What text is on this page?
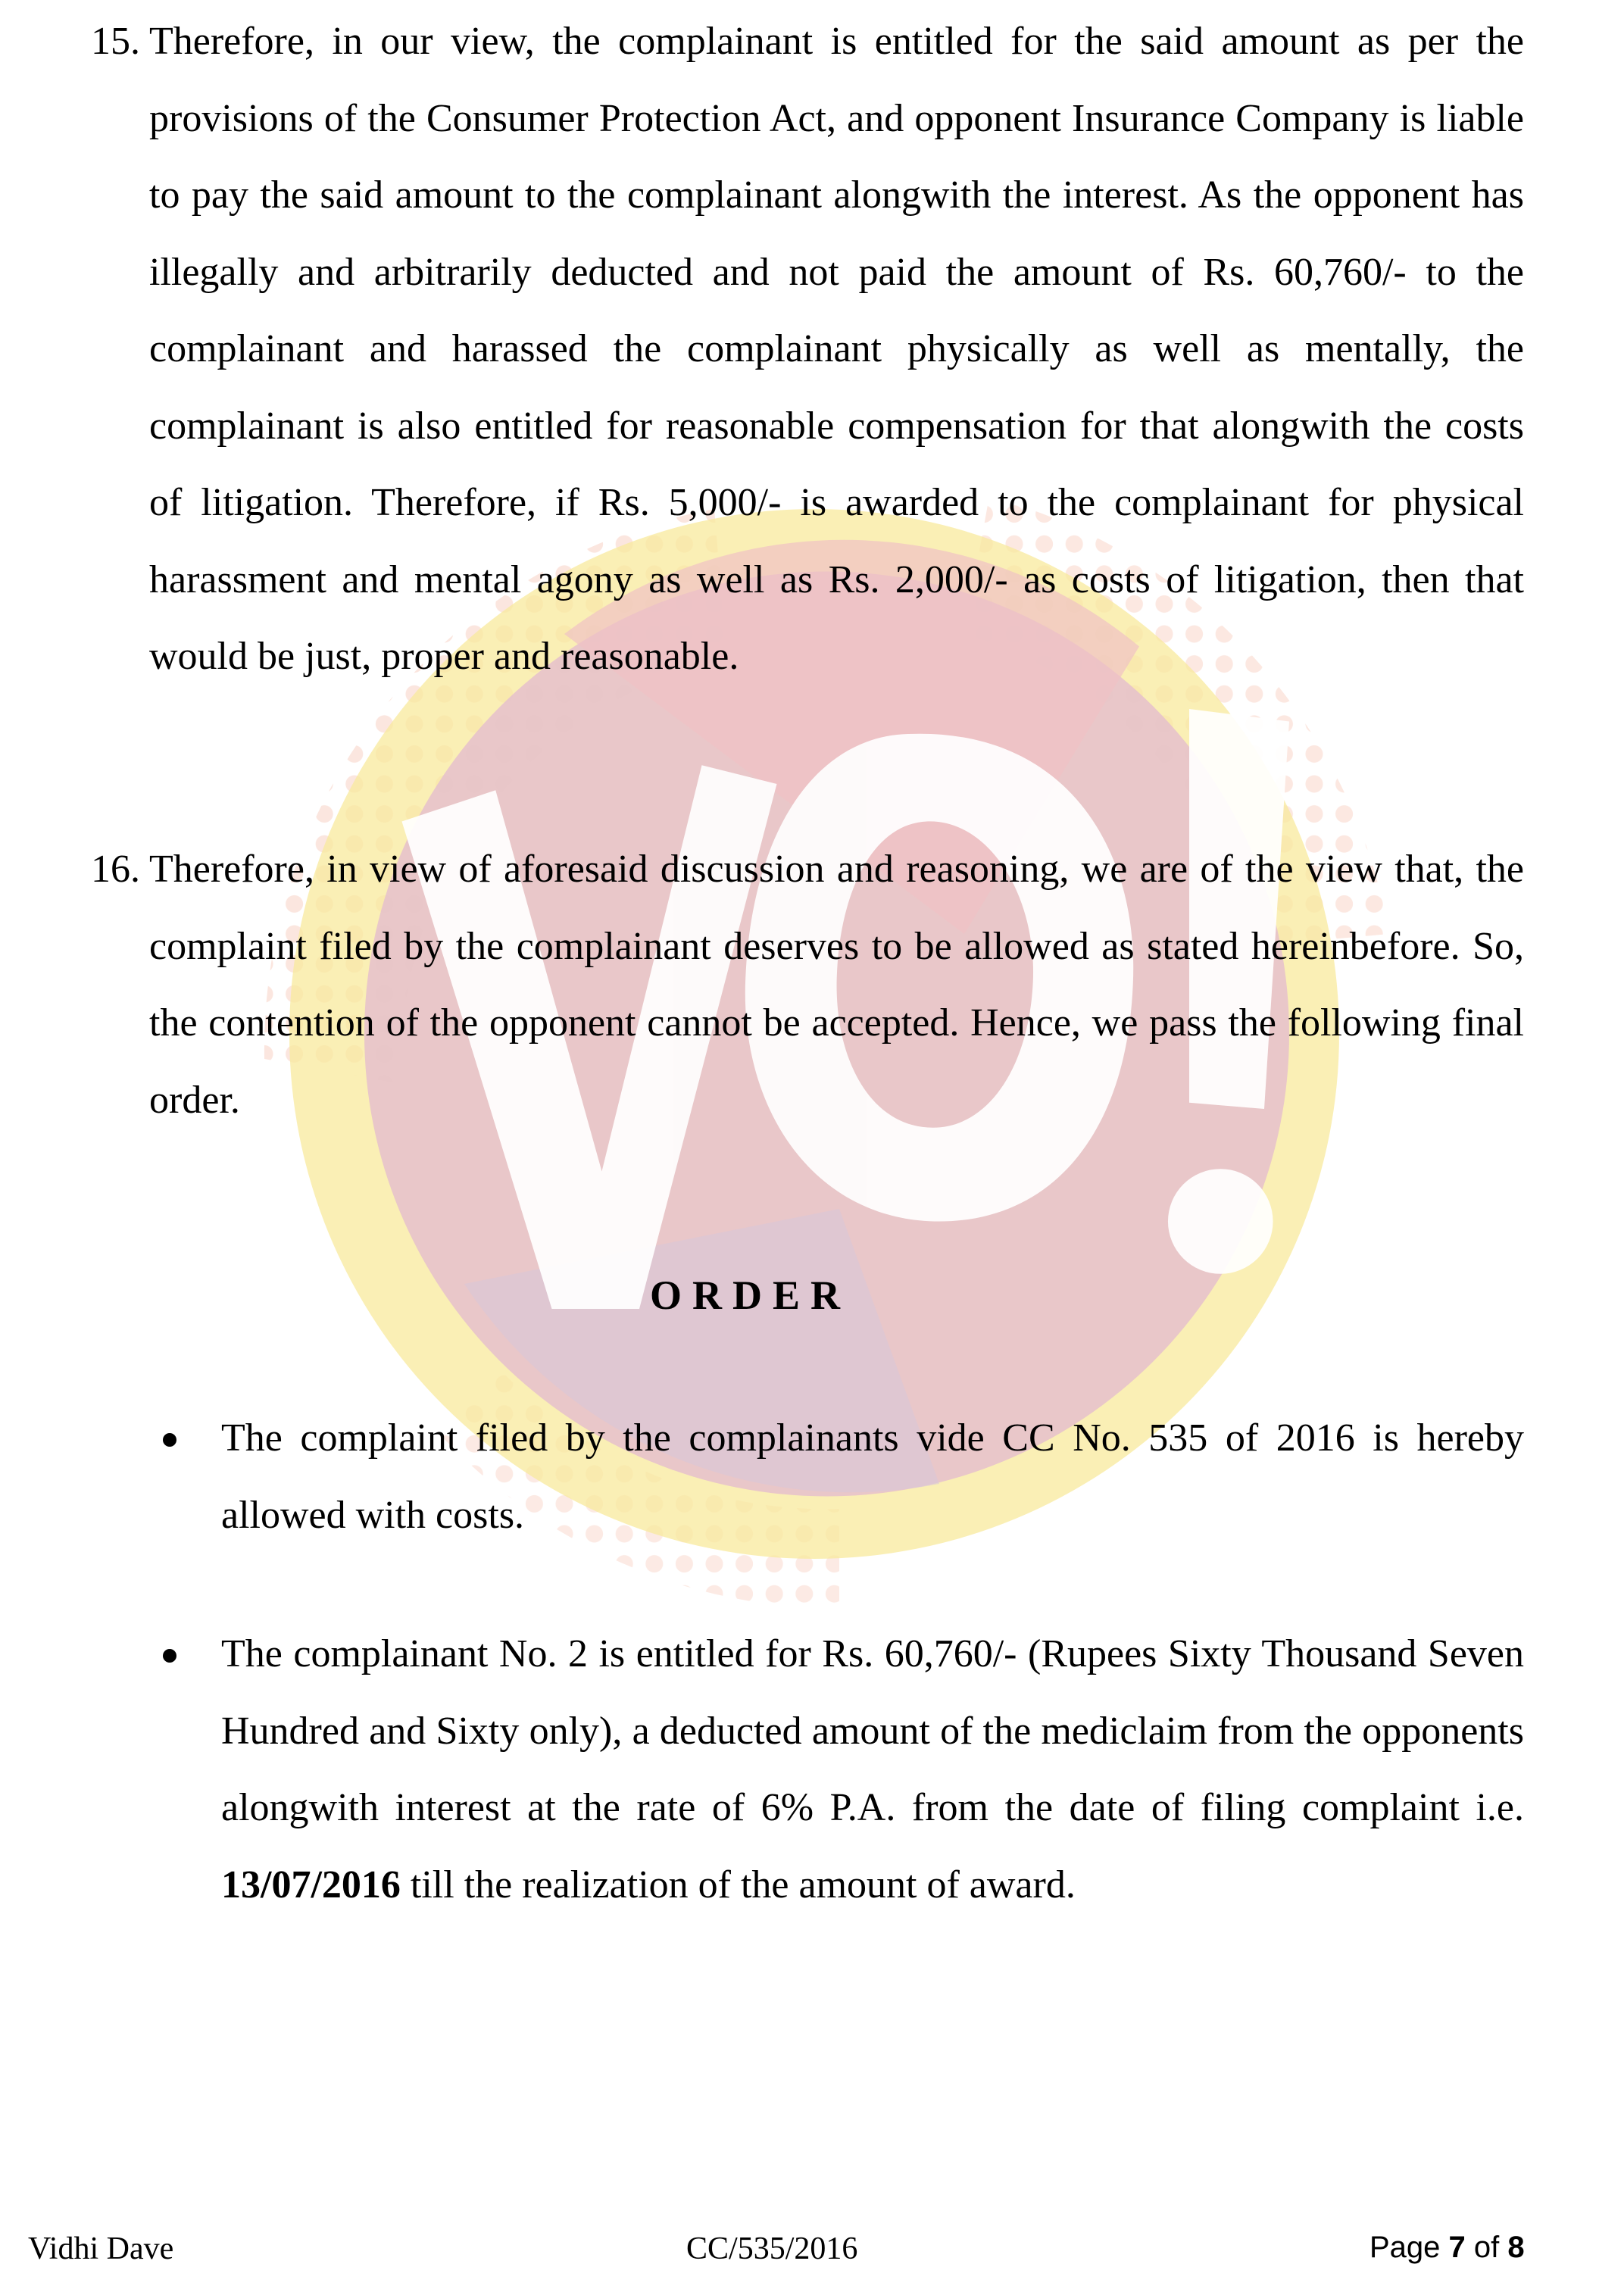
15. Therefore, in our view, the complainant is entitled for the said amount as per the provisions of the Consumer Protection Act, and opponent Insurance Company is liable to pay the said amount to the complainant alongwith the interest. As the opponent has illegally and arbitrarily deducted and not paid the amount of Rs. 60,760/- to the complainant and harassed the complainant physically as well as mentally, the complainant is also entitled for reasonable compensation for that alongwith the costs of litigation. Therefore, if Rs. 5,000/- is awarded to the complainant for physical harassment and mental agony as well as Rs. 2,000/- as costs of litigation, then that would be just, proper and reasonable.
16. Therefore, in view of aforesaid discussion and reasoning, we are of the view that, the complaint filed by the complainant deserves to be allowed as stated hereinbefore. So, the contention of the opponent cannot be accepted. Hence, we pass the following final order.
ORDER
The complaint filed by the complainants vide CC No. 535 of 2016 is hereby allowed with costs.
The complainant No. 2 is entitled for Rs. 60,760/- (Rupees Sixty Thousand Seven Hundred and Sixty only), a deducted amount of the mediclaim from the opponents alongwith interest at the rate of 6% P.A. from the date of filing complaint i.e. 13/07/2016 till the realization of the amount of award.
Vidhi Dave	CC/535/2016	Page 7 of 8
